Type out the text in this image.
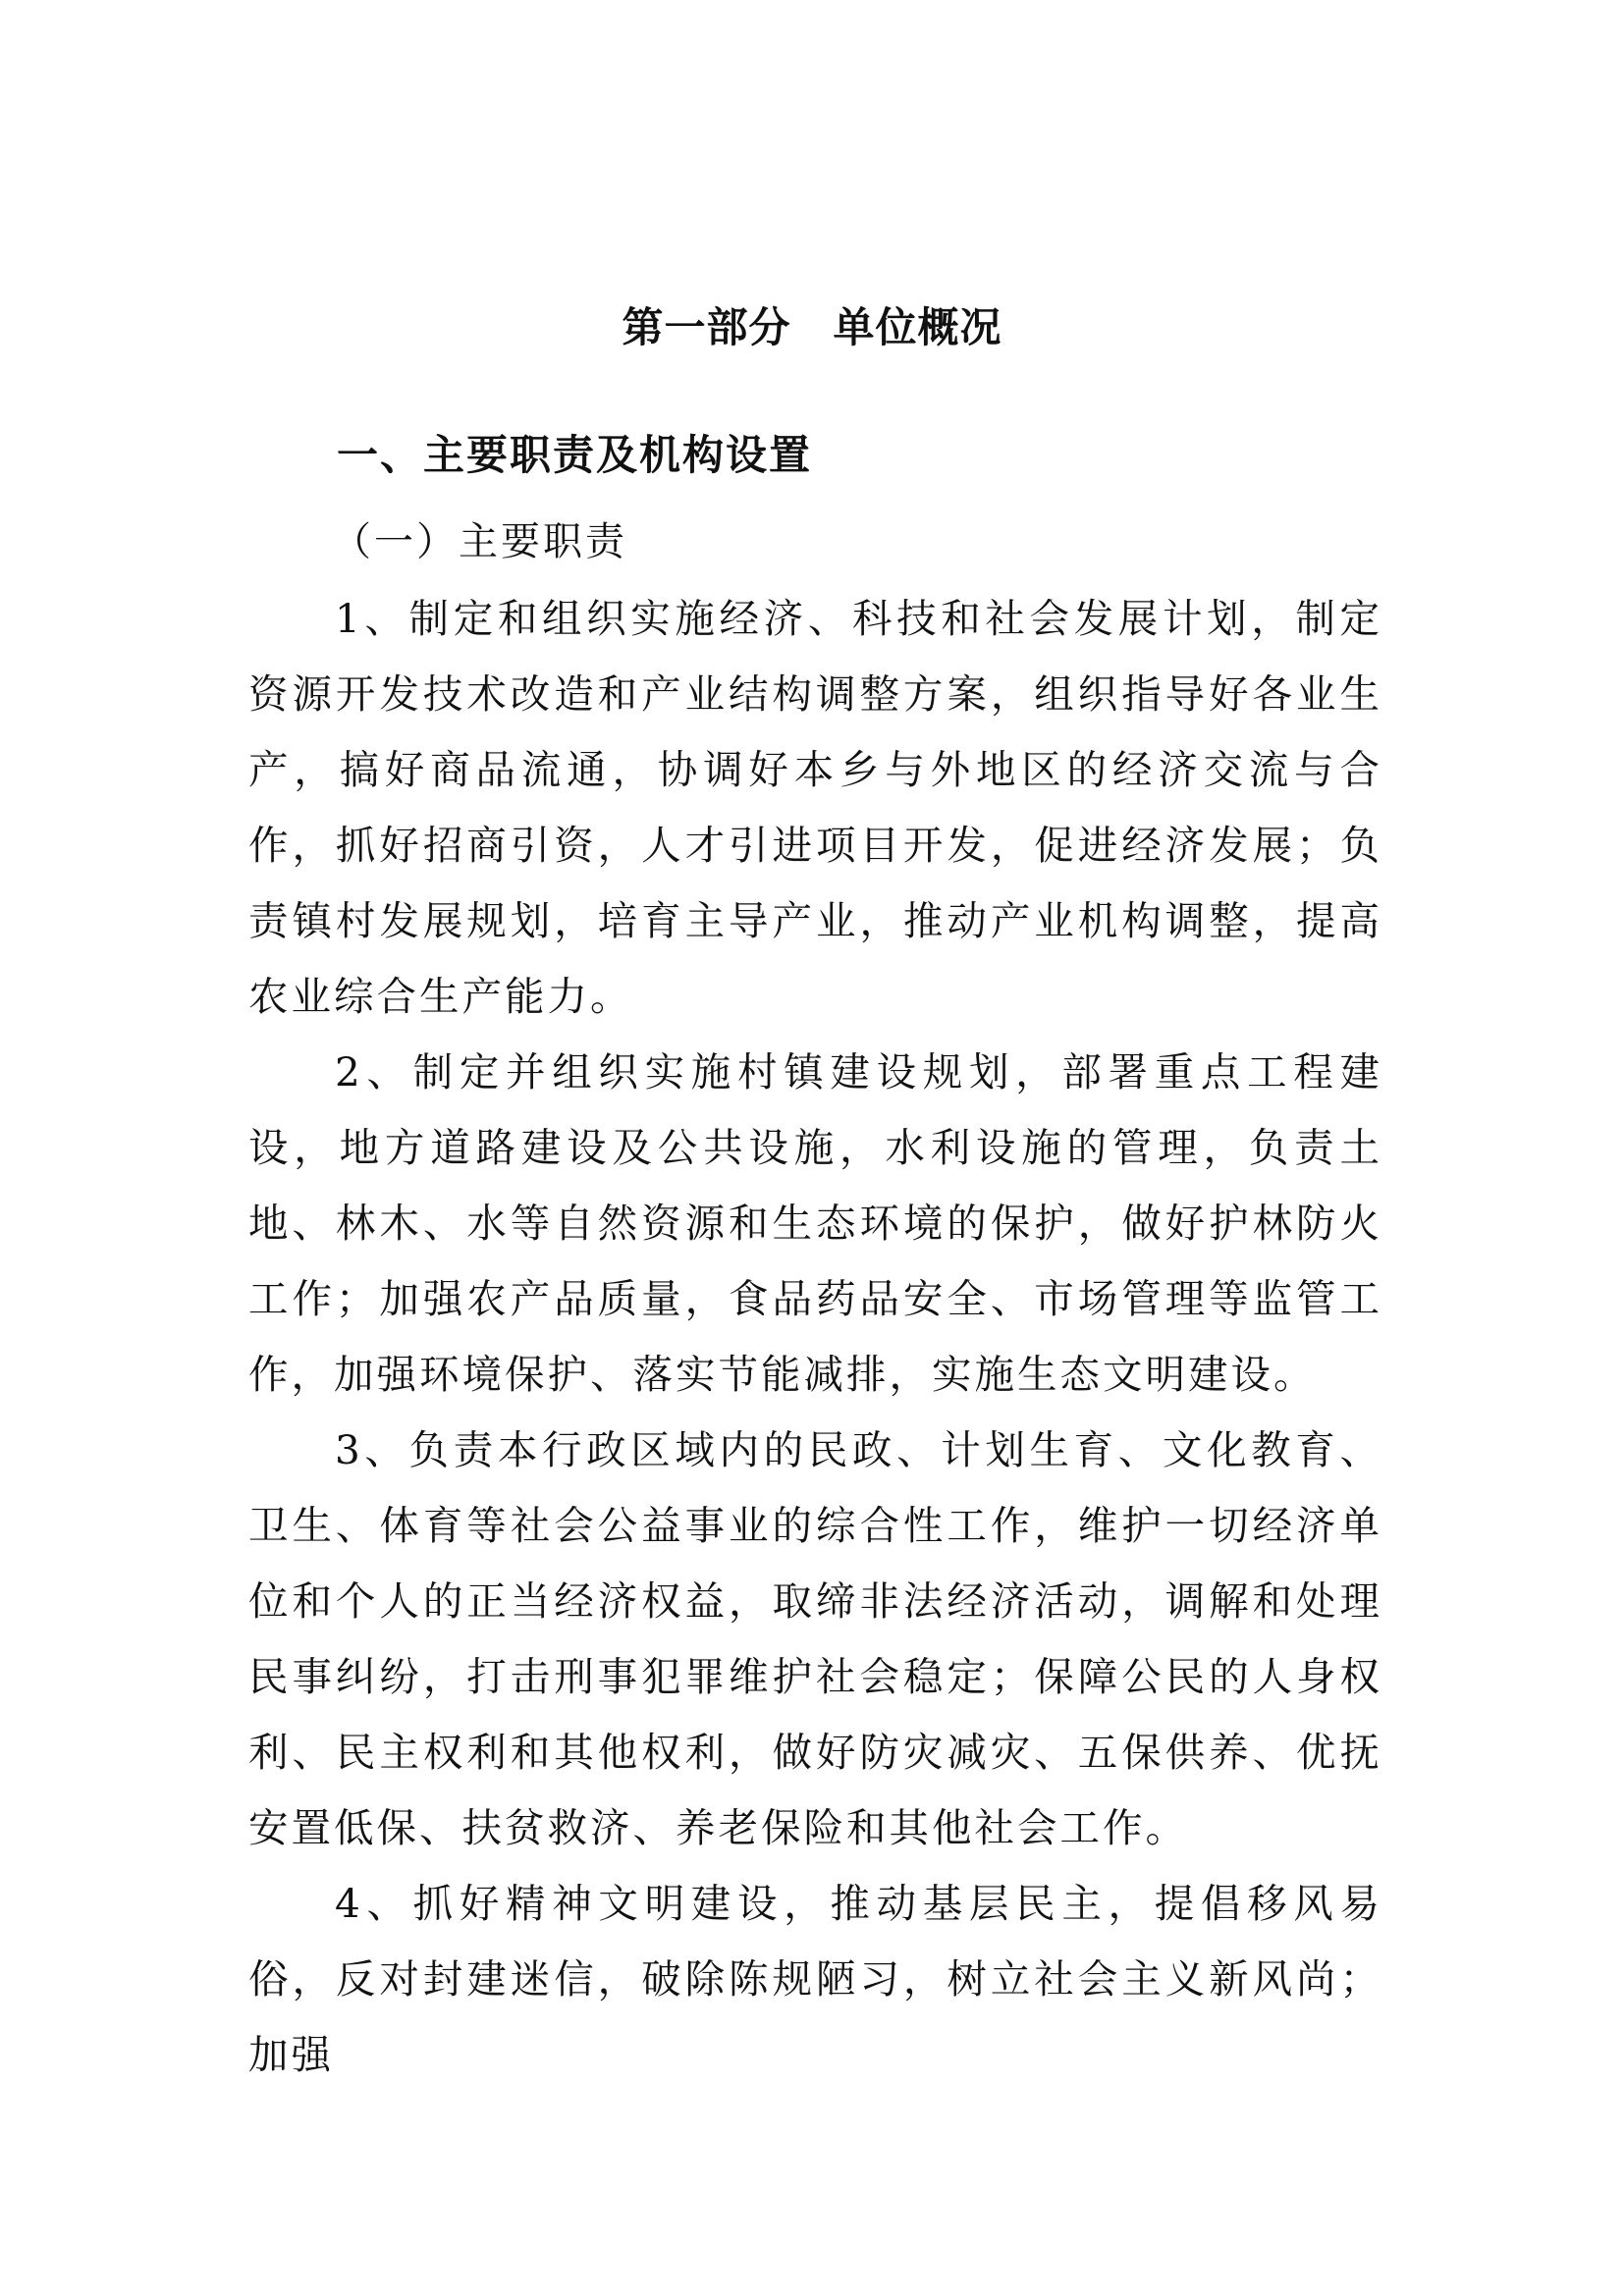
第一部分　单位概况
一、主要职责及机构设置
（一）主要职责

1、制定和组织实施经济、科技和社会发展计划，制定资源开发技术改造和产业结构调整方案，组织指导好各业生产，搞好商品流通，协调好本乡与外地区的经济交流与合作，抓好招商引资，人才引进项目开发，促进经济发展；负责镇村发展规划，培育主导产业，推动产业机构调整，提高农业综合生产能力。

2、制定并组织实施村镇建设规划，部署重点工程建设，地方道路建设及公共设施，水利设施的管理，负责土地、林木、水等自然资源和生态环境的保护，做好护林防火工作；加强农产品质量，食品药品安全、市场管理等监管工作，加强环境保护、落实节能减排，实施生态文明建设。

3、负责本行政区域内的民政、计划生育、文化教育、卫生、体育等社会公益事业的综合性工作，维护一切经济单位和个人的正当经济权益，取缔非法经济活动，调解和处理民事纠纷，打击刑事犯罪维护社会稳定；保障公民的人身权利、民主权利和其他权利，做好防灾减灾、五保供养、优抚安置低保、扶贫救济、养老保险和其他社会工作。

4、抓好精神文明建设，推动基层民主，提倡移风易俗，反对封建迷信，破除陈规陋习，树立社会主义新风尚；加强
